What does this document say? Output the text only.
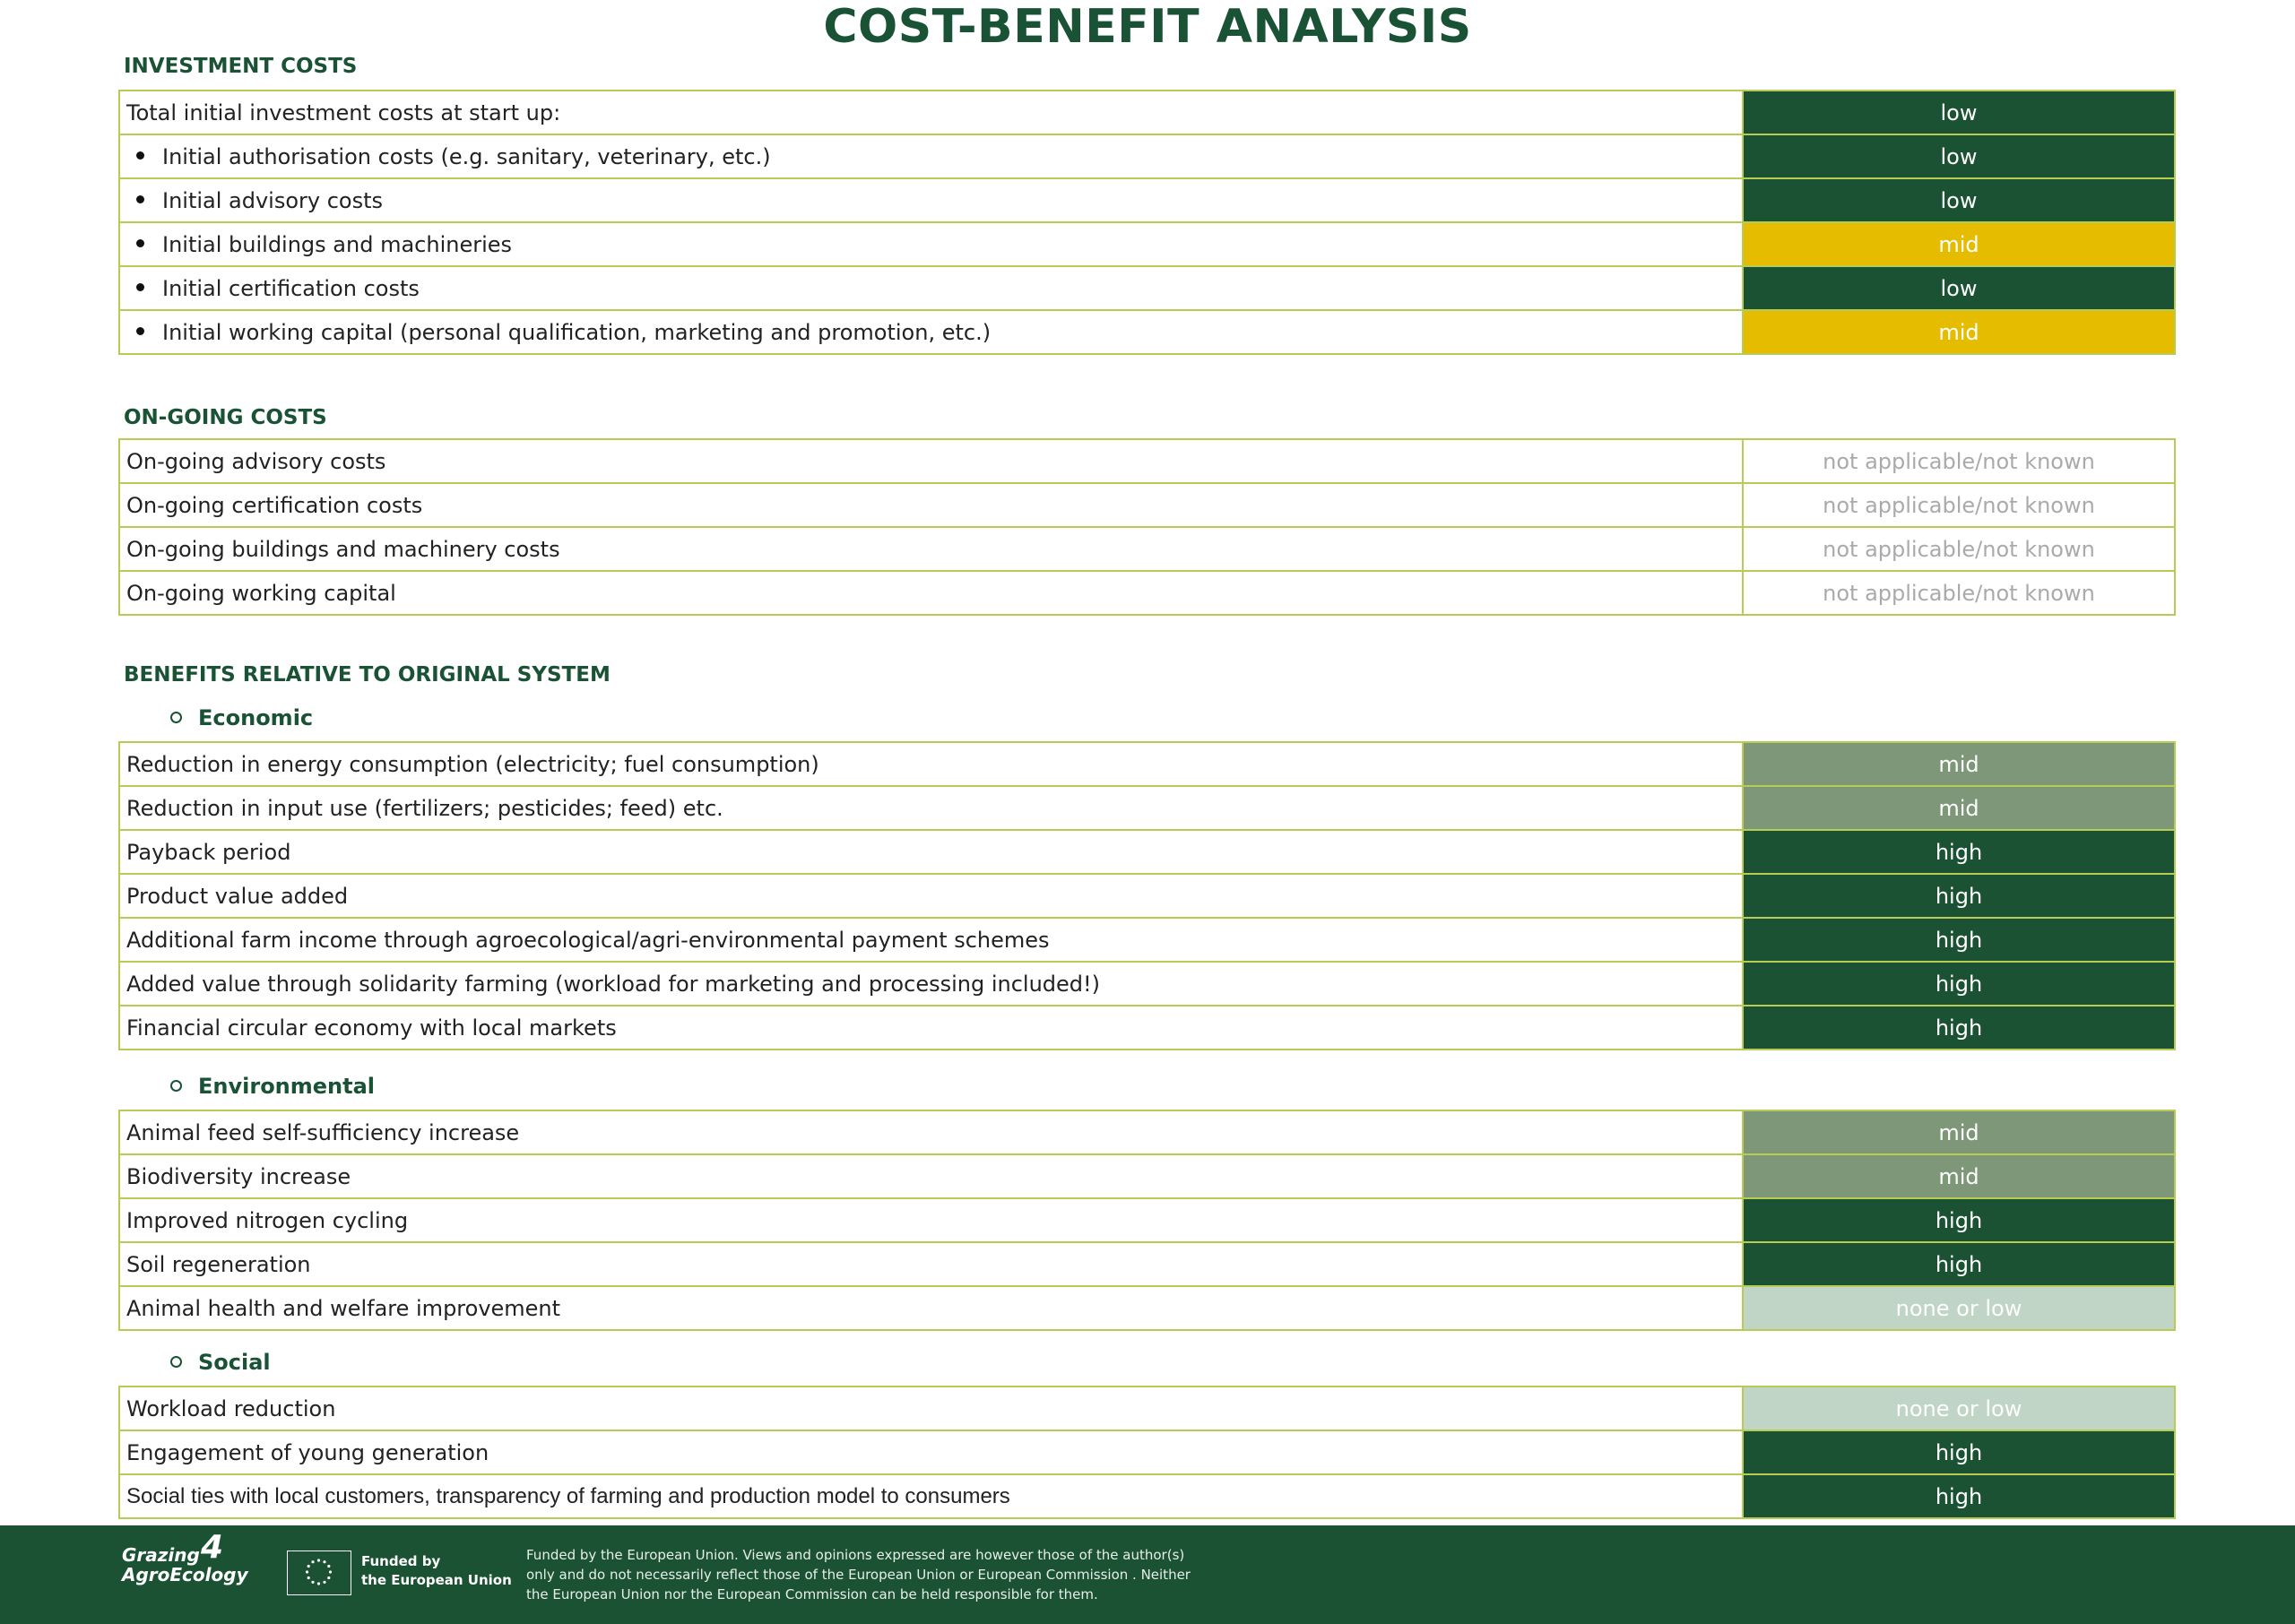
COST-BENEFIT ANALYSIS
INVESTMENT COSTS
Total initial investment costs at start up:	low
Initial authorisation costs (e.g. sanitary, veterinary, etc.)	low
Initial advisory costs	low
Initial buildings and machineries	mid
Initial certification costs	low
Initial working capital (personal qualification, marketing and promotion, etc.)	mid
ON-GOING COSTS
On-going advisory costs	not applicable/not known
On-going certification costs	not applicable/not known
On-going buildings and machinery costs	not applicable/not known
On-going working capital	not applicable/not known
BENEFITS RELATIVE TO ORIGINAL SYSTEM
Economic
Reduction in energy consumption (electricity; fuel consumption)	mid
Reduction in input use (fertilizers; pesticides; feed) etc.	mid
Payback period	high
Product value added	high
Additional farm income through agroecological/agri-environmental payment schemes	high
Added value through solidarity farming (workload for marketing and processing included!)	high
Financial circular economy with local markets	high
Environmental
Animal feed self-sufficiency increase	mid
Biodiversity increase	mid
Improved nitrogen cycling	high
Soil regeneration	high
Animal health and welfare improvement	none or low
Social
Workload reduction	none or low
Engagement of young generation	high
Social ties with local customers, transparency of farming and production model to consumers	high
Grazing 4
AgroEcology
Funded by
the European Union
Funded by the European Union. Views and opinions expressed are however those of the author(s)
only and do not necessarily reflect those of the European Union or European Commission . Neither
the European Union nor the European Commission can be held responsible for them.
